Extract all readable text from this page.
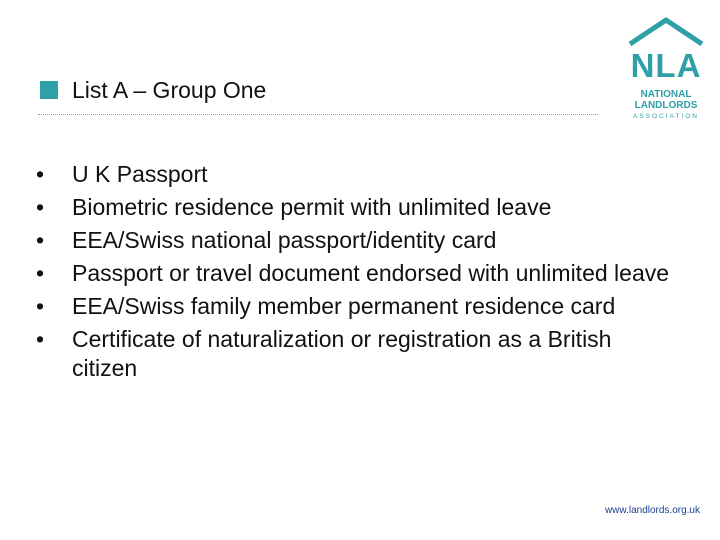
List A – Group One
NLA
NATIONAL
LANDLORDS
ASSOCIATION
• U K Passport
• Biometric residence permit with unlimited leave
• EEA/Swiss national passport/identity card
• Passport or travel document endorsed with unlimited leave
• EEA/Swiss family member permanent residence card
• Certificate of naturalization or registration as a British citizen
www.landlords.org.uk
